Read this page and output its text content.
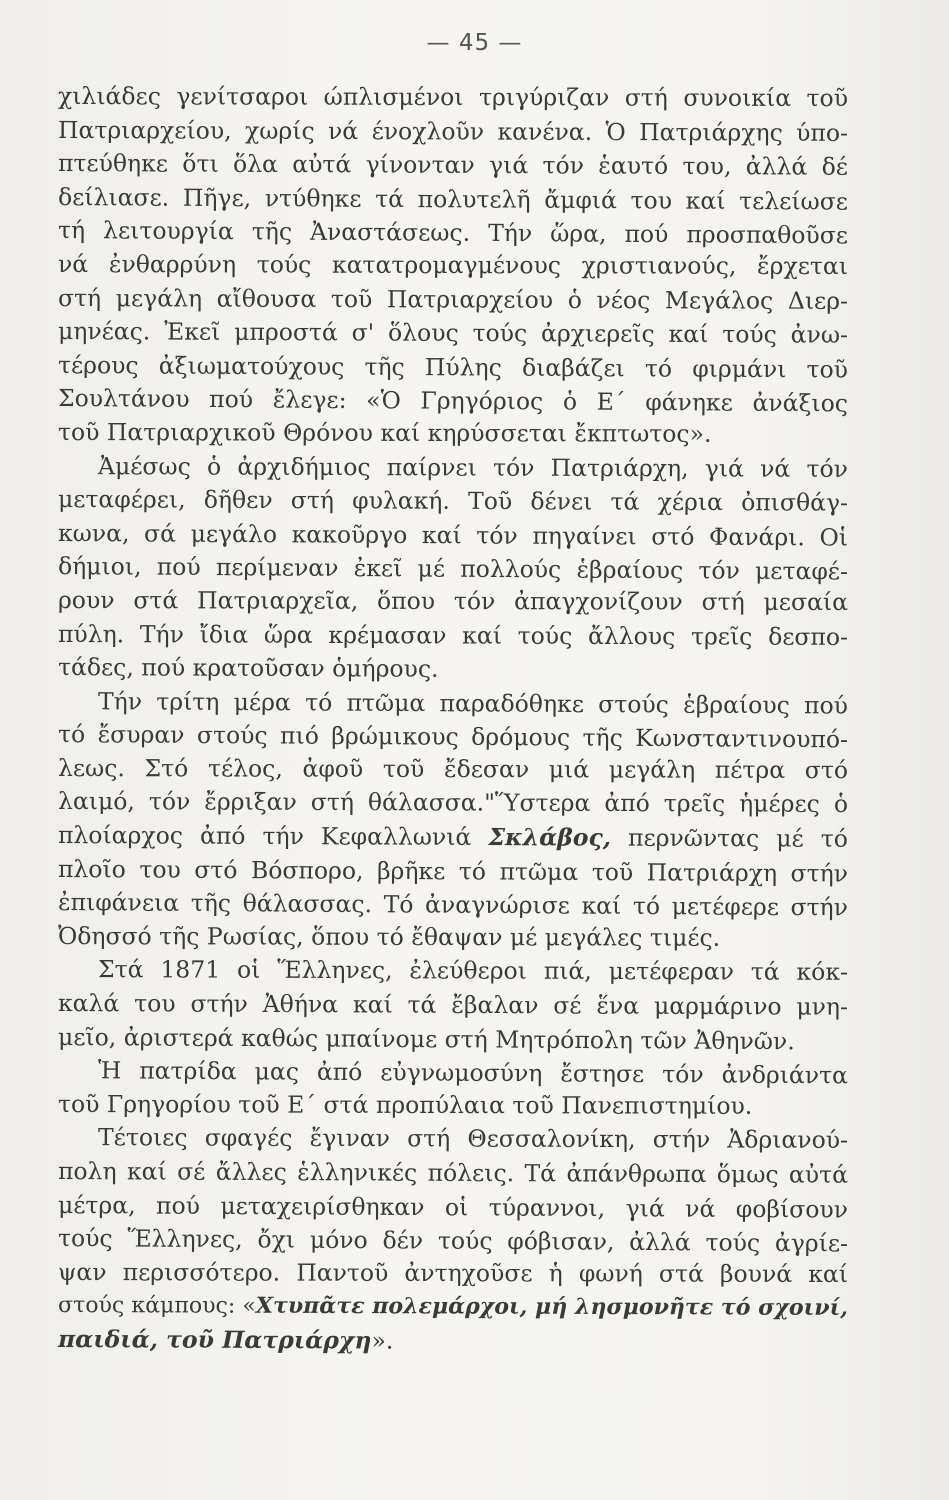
— 45 —
χιλιάδες γενίτσαροι ώπλισμένοι τριγύριζαν στή συνοικία τοῦ
Πατριαρχείου, χωρίς νά ένοχλοῦν κανένα. Ὁ Πατριάρχης ύπο-
πτεύθηκε ὅτι ὅλα αὐτά γίνονταν γιά τόν ἑαυτό του, ἀλλά δέ
δείλιασε. Πῆγε, ντύθηκε τά πολυτελῆ ἄμφιά του καί τελείωσε
τή λειτουργία τῆς Ἀναστάσεως. Τήν ὥρα, πού προσπαθοῦσε
νά ἐνθαρρύνη τούς κατατρομαγμένους χριστιανούς, ἔρχεται
στή μεγάλη αἴθουσα τοῦ Πατριαρχείου ὁ νέος Μεγάλος Διερ-
μηνέας. Ἐκεῖ μπροστά σ' ὅλους τούς ἀρχιερεῖς καί τούς ἀνω-
τέρους ἀξιωματούχους τῆς Πύλης διαβάζει τό φιρμάνι τοῦ
Σουλτάνου πού ἔλεγε: «Ὁ Γρηγόριος ὁ Ε΄ φάνηκε ἀνάξιος
τοῦ Πατριαρχικοῦ Θρόνου καί κηρύσσεται ἔκπτωτος».
Ἀμέσως ὁ ἀρχιδήμιος παίρνει τόν Πατριάρχη, γιά νά τόν
μεταφέρει, δῆθεν στή φυλακή. Τοῦ δένει τά χέρια ὀπισθάγ-
κωνα, σά μεγάλο κακοῦργο καί τόν πηγαίνει στό Φανάρι. Οἱ
δήμιοι, πού περίμεναν ἐκεῖ μέ πολλούς ἑβραίους τόν μεταφέ-
ρουν στά Πατριαρχεῖα, ὅπου τόν ἀπαγχονίζουν στή μεσαία
πύλη. Τήν ἴδια ὥρα κρέμασαν καί τούς ἄλλους τρεῖς δεσπο-
τάδες, πού κρατοῦσαν ὁμήρους.
Τήν τρίτη μέρα τό πτῶμα παραδόθηκε στούς ἑβραίους πού
τό ἔσυραν στούς πιό βρώμικους δρόμους τῆς Κωνσταντινουπό-
λεως. Στό τέλος, ἀφοῦ τοῦ ἔδεσαν μιά μεγάλη πέτρα στό
λαιμό, τόν ἔρριξαν στή θάλασσα."Ὕστερα ἀπό τρεῖς ἡμέρες ὁ
πλοίαρχος ἀπό τήν Κεφαλλωνιά Σκλάβος, περνῶντας μέ τό
πλοῖο του στό Βόσπορο, βρῆκε τό πτῶμα τοῦ Πατριάρχη στήν
ἐπιφάνεια τῆς θάλασσας. Τό ἀναγνώρισε καί τό μετέφερε στήν
Ὀδησσό τῆς Ρωσίας, ὅπου τό ἔθαψαν μέ μεγάλες τιμές.
Στά 1871 οἱ Ἕλληνες, ἐλεύθεροι πιά, μετέφεραν τά κόκ-
καλά του στήν Ἀθήνα καί τά ἔβαλαν σέ ἕνα μαρμάρινο μνη-
μεῖο, ἀριστερά καθώς μπαίνομε στή Μητρόπολη τῶν Ἀθηνῶν.
Ἡ πατρίδα μας ἀπό εὐγνωμοσύνη ἔστησε τόν ἀνδριάντα
τοῦ Γρηγορίου τοῦ Ε΄ στά προπύλαια τοῦ Πανεπιστημίου.
Τέτοιες σφαγές ἔγιναν στή Θεσσαλονίκη, στήν Ἀδριανού-
πολη καί σέ ἄλλες ἑλληνικές πόλεις. Τά ἀπάνθρωπα ὅμως αὐτά
μέτρα, πού μεταχειρίσθηκαν οἱ τύραννοι, γιά νά φοβίσουν
τούς Ἕλληνες, ὄχι μόνο δέν τούς φόβισαν, ἀλλά τούς ἀγρίε-
ψαν περισσότερο. Παντοῦ ἀντηχοῦσε ἡ φωνή στά βουνά καί
στούς κάμπους: «Χτυπᾶτε πολεμάρχοι, μή λησμονῆτε τό σχοινί,
παιδιά, τοῦ Πατριάρχη».
